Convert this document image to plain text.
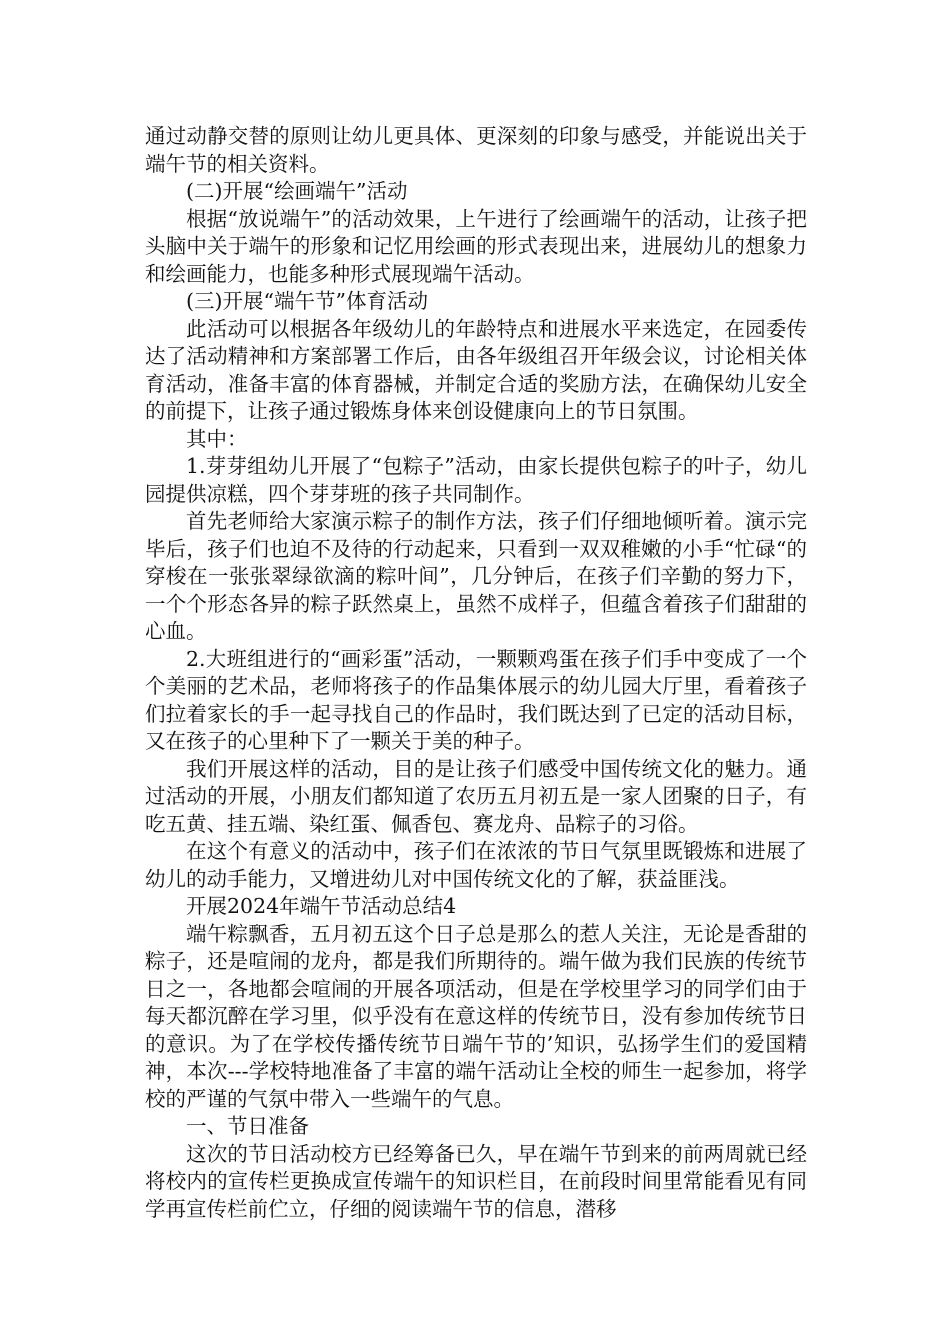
通过动静交替的原则让幼儿更具体、更深刻的印象与感受，并能说出关于端午节的相关资料。

(二)开展“绘画端午”活动

根据“放说端午”的活动效果，上午进行了绘画端午的活动，让孩子把头脑中关于端午的形象和记忆用绘画的形式表现出来，进展幼儿的想象力和绘画能力，也能多种形式展现端午活动。

(三)开展“端午节”体育活动

此活动可以根据各年级幼儿的年龄特点和进展水平来选定，在园委传达了活动精神和方案部署工作后，由各年级组召开年级会议，讨论相关体育活动，准备丰富的体育器械，并制定合适的奖励方法，在确保幼儿安全的前提下，让孩子通过锻炼身体来创设健康向上的节日氛围。

其中：

1.芽芽组幼儿开展了“包粽子”活动，由家长提供包粽子的叶子，幼儿园提供凉糕，四个芽芽班的孩子共同制作。

首先老师给大家演示粽子的制作方法，孩子们仔细地倾听着。演示完毕后，孩子们也迫不及待的行动起来，只看到一双双稚嫩的小手“忙碌“的穿梭在一张张翠绿欲滴的粽叶间”，几分钟后，在孩子们辛勤的努力下，一个个形态各异的粽子跃然桌上，虽然不成样子，但蕴含着孩子们甜甜的心血。

2.大班组进行的“画彩蛋”活动，一颗颗鸡蛋在孩子们手中变成了一个个美丽的艺术品，老师将孩子的作品集体展示的幼儿园大厅里，看着孩子们拉着家长的手一起寻找自己的作品时，我们既达到了已定的活动目标，又在孩子的心里种下了一颗关于美的种子。

我们开展这样的活动，目的是让孩子们感受中国传统文化的魅力。通过活动的开展，小朋友们都知道了农历五月初五是一家人团聚的日子，有吃五黄、挂五端、染红蛋、佩香包、赛龙舟、品粽子的习俗。

在这个有意义的活动中，孩子们在浓浓的节日气氛里既锻炼和进展了幼儿的动手能力，又增进幼儿对中国传统文化的了解，获益匪浅。

开展2024年端午节活动总结4

端午粽飘香，五月初五这个日子总是那么的惹人关注，无论是香甜的粽子，还是喧闹的龙舟，都是我们所期待的。端午做为我们民族的传统节日之一，各地都会喧闹的开展各项活动，但是在学校里学习的同学们由于每天都沉醉在学习里，似乎没有在意这样的传统节日，没有参加传统节日的意识。为了在学校传播传统节日端午节的’知识，弘扬学生们的爱国精神，本次---学校特地准备了丰富的端午活动让全校的师生一起参加，将学校的严谨的气氛中带入一些端午的气息。

一、节日准备

这次的节日活动校方已经筹备已久，早在端午节到来的前两周就已经将校内的宣传栏更换成宣传端午的知识栏目，在前段时间里常能看见有同学再宣传栏前伫立，仔细的阅读端午节的信息，潜移
